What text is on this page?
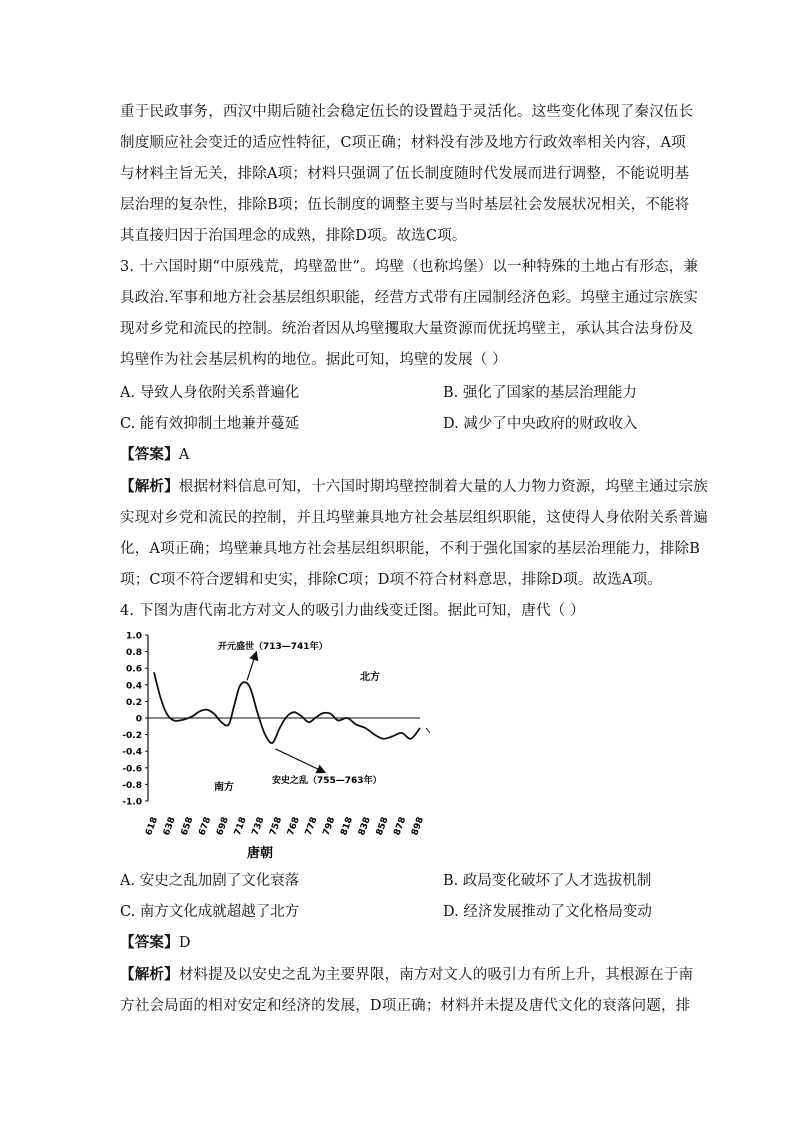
重于民政事务，西汉中期后随社会稳定伍长的设置趋于灵活化。这些变化体现了秦汉伍长
制度顺应社会变迁的适应性特征，C项正确；材料没有涉及地方行政效率相关内容，A项
与材料主旨无关，排除A项；材料只强调了伍长制度随时代发展而进行调整，不能说明基
层治理的复杂性，排除B项；伍长制度的调整主要与当时基层社会发展状况相关，不能将
其直接归因于治国理念的成熟，排除D项。故选C项。
3. 十六国时期“中原残荒，坞壁盈世”。坞壁（也称坞堡）以一种特殊的土地占有形态，兼
具政治.军事和地方社会基层组织职能，经营方式带有庄园制经济色彩。坞壁主通过宗族实
现对乡党和流民的控制。统治者因从坞壁攫取大量资源而优抚坞壁主，承认其合法身份及
坞壁作为社会基层机构的地位。据此可知，坞壁的发展（ ）
A. 导致人身依附关系普遍化	B. 强化了国家的基层治理能力
C. 能有效抑制土地兼并蔓延	D. 减少了中央政府的财政收入
【答案】A
【解析】根据材料信息可知，十六国时期坞壁控制着大量的人力物力资源，坞壁主通过宗族
实现对乡党和流民的控制，并且坞壁兼具地方社会基层组织职能，这使得人身依附关系普遍
化，A项正确；坞壁兼具地方社会基层组织职能，不利于强化国家的基层治理能力，排除B
项；C项不符合逻辑和史实，排除C项；D项不符合材料意思，排除D项。故选A项。
4. 下图为唐代南北方对文人的吸引力曲线变迁图。据此可知，唐代（ ）
1.0
0.8
0.6
0.4
0.2
0
-0.2
-0.4
-0.6
-0.8
-1.0
618 638 658 678 698 718 738 758 768 778 798 818 838 858 878 898
唐朝
开元盛世（713—741年）
安史之乱（755—763年）
北方
南方
A. 安史之乱加剧了文化衰落	B. 政局变化破坏了人才选拔机制
C. 南方文化成就超越了北方	D. 经济发展推动了文化格局变动
【答案】D
【解析】材料提及以安史之乱为主要界限，南方对文人的吸引力有所上升，其根源在于南
方社会局面的相对安定和经济的发展，D项正确；材料并未提及唐代文化的衰落问题，排
